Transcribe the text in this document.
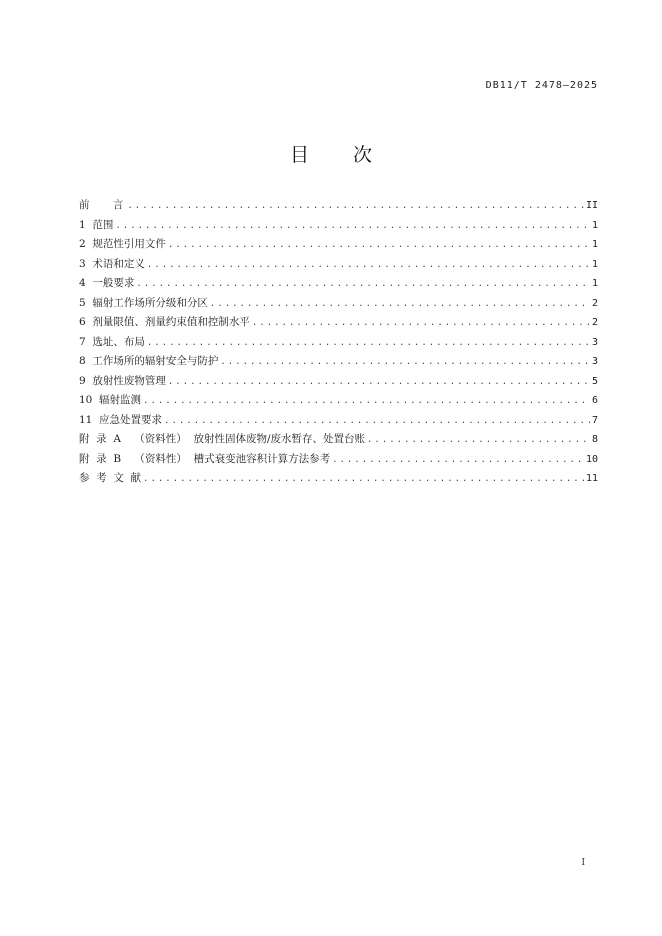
DB11/T 2478—2025
目 次
前    言 .....	II
1  范围 .....	1
2  规范性引用文件 .....	1
3  术语和定义 .....	1
4  一般要求 .....	1
5  辐射工作场所分级和分区 .....	2
6  剂量限值、剂量约束值和控制水平 .....	2
7  选址、布局 .....	3
8  工作场所的辐射安全与防护 .....	3
9  放射性废物管理 .....	5
10  辐射监测 .....	6
11  应急处置要求 .....	7
附  录  A    （资料性）  放射性固体废物/废水暂存、处置台账 .....	8
附  录  B    （资料性）  槽式衰变池容积计算方法参考 .....	10
参  考  文  献 .....	11
I
